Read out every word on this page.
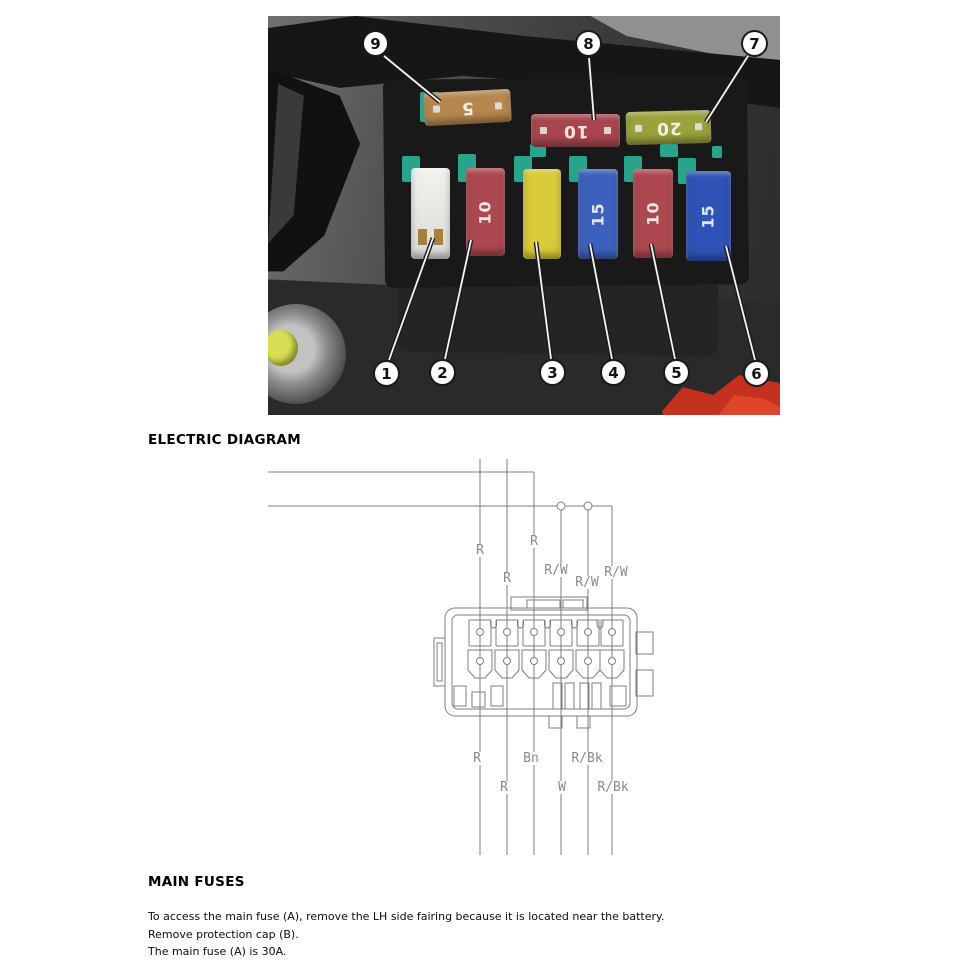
5
10	20
10	15 10 15
9	8	7
1	2	3	4	5	6
ELECTRIC DIAGRAM
R
R
R
R/W
R/W
R/W
R
R
Bn
W
R/Bk
R/Bk
MAIN FUSES
To access the main fuse (A), remove the LH side fairing because it is located near the battery.
Remove protection cap (B).
The main fuse (A) is 30A.
